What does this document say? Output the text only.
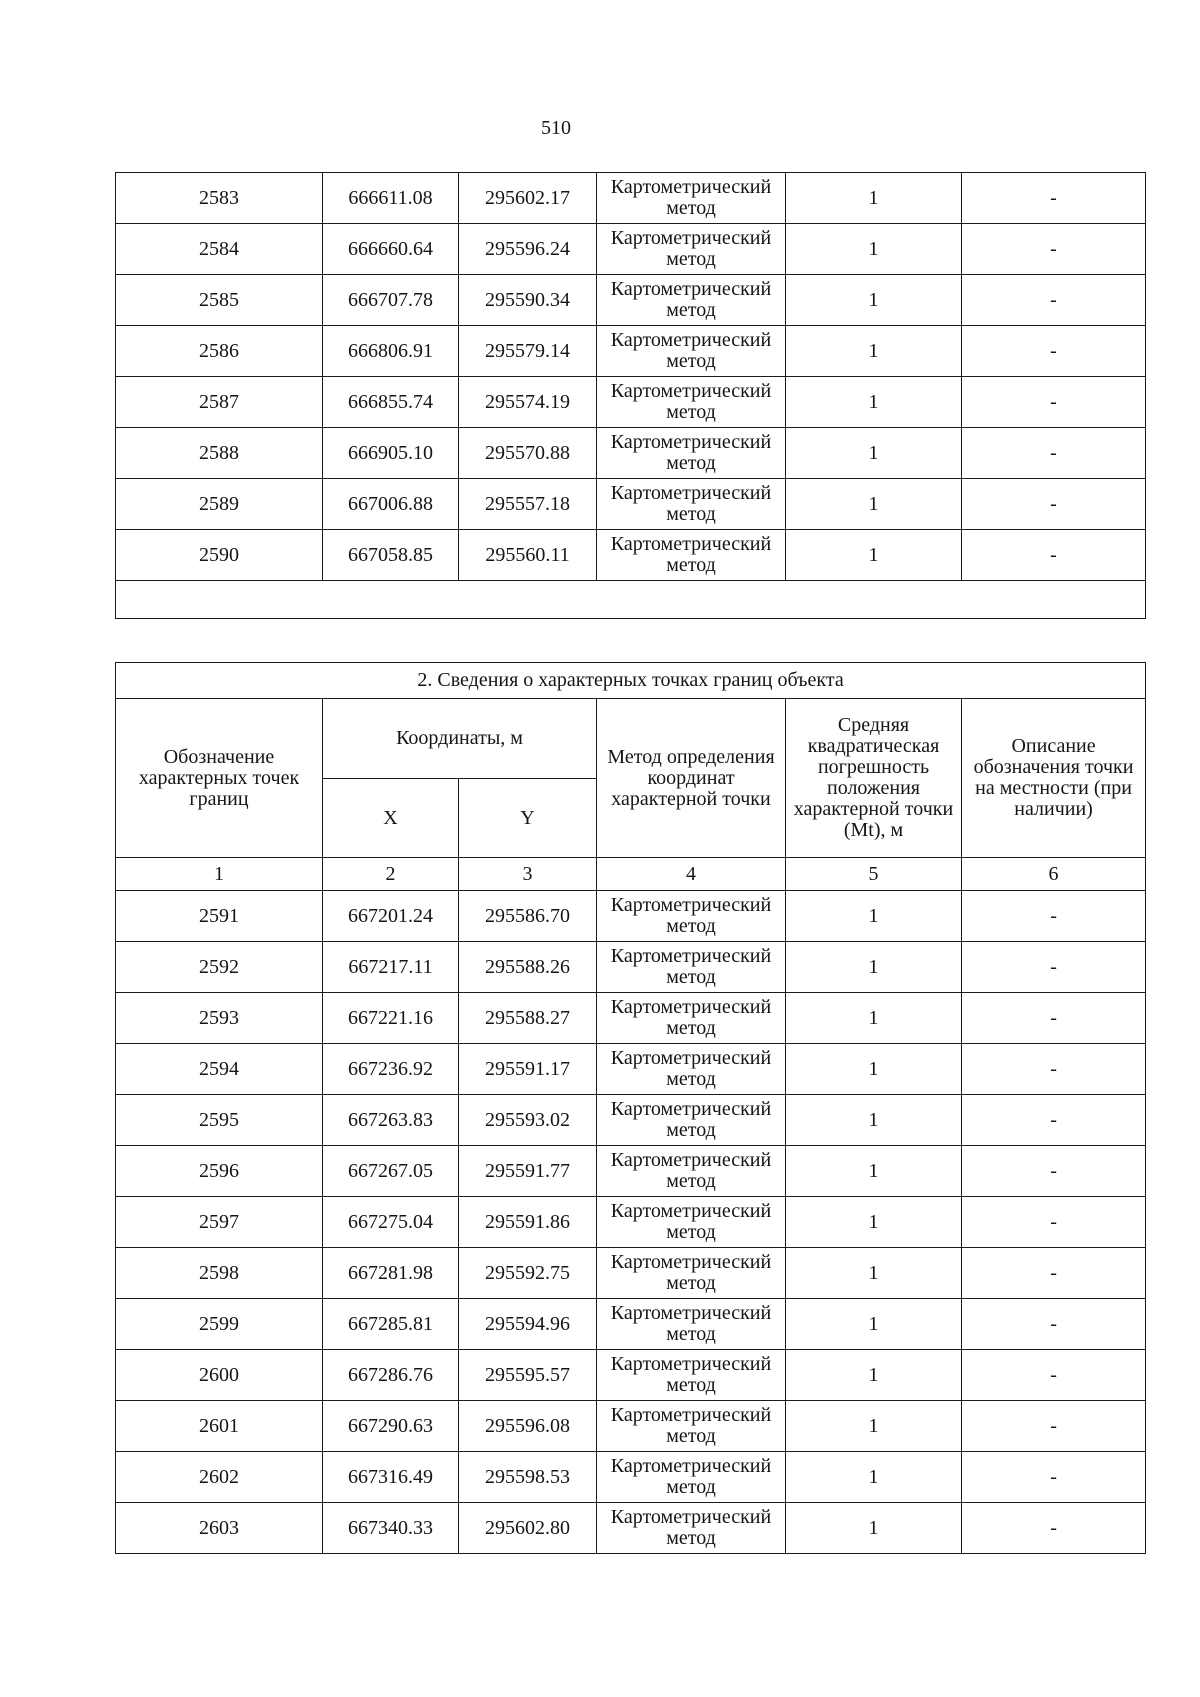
510
2583	666611.08	295602.17	Картометрический метод	1	-
2584	666660.64	295596.24	Картометрический метод	1	-
2585	666707.78	295590.34	Картометрический метод	1	-
2586	666806.91	295579.14	Картометрический метод	1	-
2587	666855.74	295574.19	Картометрический метод	1	-
2588	666905.10	295570.88	Картометрический метод	1	-
2589	667006.88	295557.18	Картометрический метод	1	-
2590	667058.85	295560.11	Картометрический метод	1	-

2. Сведения о характерных точках границ объекта					
Обозначение характерных точек границ	Координаты, м		Метод определения координат характерной точки	Средняя квадратическая погрешность положения характерной точки (Mt), м	Описание обозначения точки на местности (при наличии)
	X	Y			
1	2	3	4	5	6
2591	667201.24	295586.70	Картометрический метод	1	-
2592	667217.11	295588.26	Картометрический метод	1	-
2593	667221.16	295588.27	Картометрический метод	1	-
2594	667236.92	295591.17	Картометрический метод	1	-
2595	667263.83	295593.02	Картометрический метод	1	-
2596	667267.05	295591.77	Картометрический метод	1	-
2597	667275.04	295591.86	Картометрический метод	1	-
2598	667281.98	295592.75	Картометрический метод	1	-
2599	667285.81	295594.96	Картометрический метод	1	-
2600	667286.76	295595.57	Картометрический метод	1	-
2601	667290.63	295596.08	Картометрический метод	1	-
2602	667316.49	295598.53	Картометрический метод	1	-
2603	667340.33	295602.80	Картометрический метод	1	-
